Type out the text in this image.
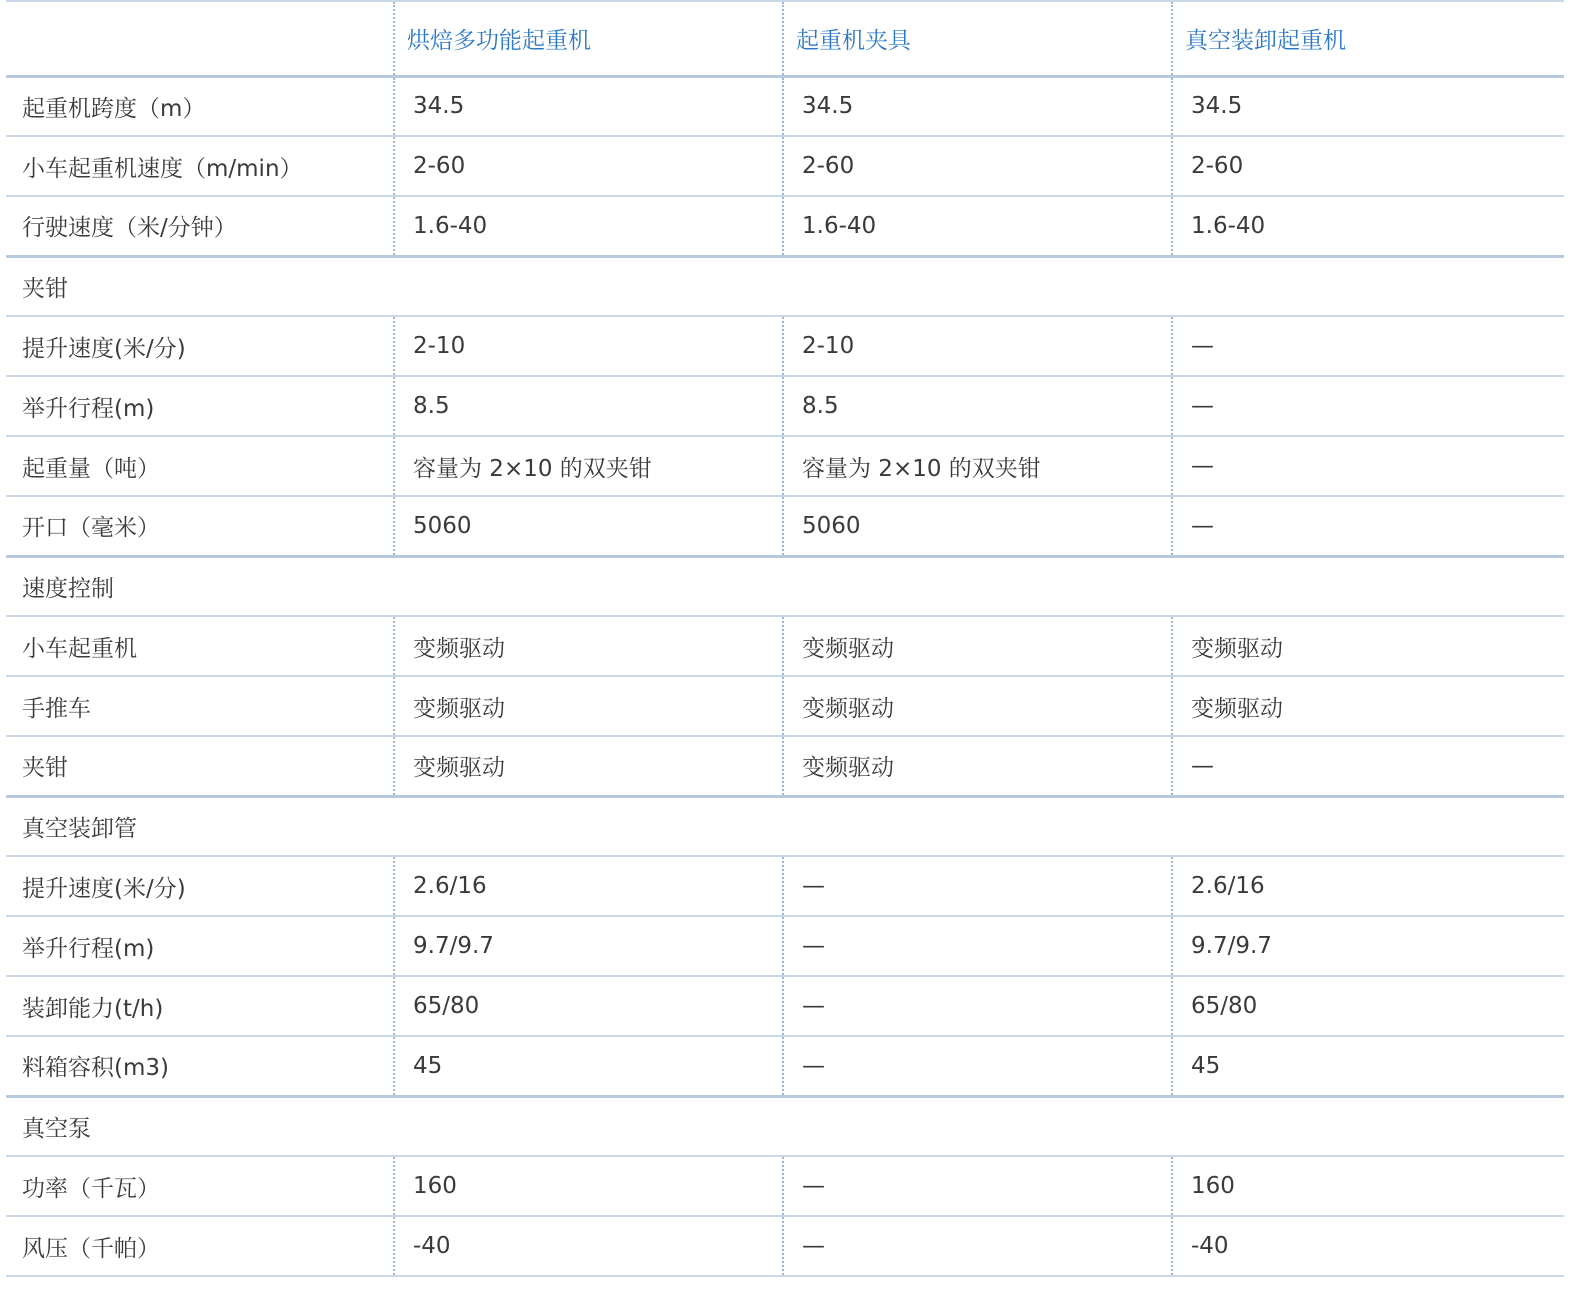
	烘焙多功能起重机	起重机夹具	真空装卸起重机
起重机跨度（m）	34.5	34.5	34.5
小车起重机速度（m/min）	2-60	2-60	2-60
行驶速度（米/分钟）	1.6-40	1.6-40	1.6-40
夹钳			
提升速度(米/分)	2-10	2-10	—
举升行程(m)	8.5	8.5	—
起重量（吨）	容量为 2×10 的双夹钳	容量为 2×10 的双夹钳	—
开口（毫米）	5060	5060	—
速度控制			
小车起重机	变频驱动	变频驱动	变频驱动
手推车	变频驱动	变频驱动	变频驱动
夹钳	变频驱动	变频驱动	—
真空装卸管			
提升速度(米/分)	2.6/16	—	2.6/16
举升行程(m)	9.7/9.7	—	9.7/9.7
装卸能力(t/h)	65/80	—	65/80
料箱容积(m3)	45	—	45
真空泵			
功率（千瓦）	160	—	160
风压（千帕）	-40	—	-40
